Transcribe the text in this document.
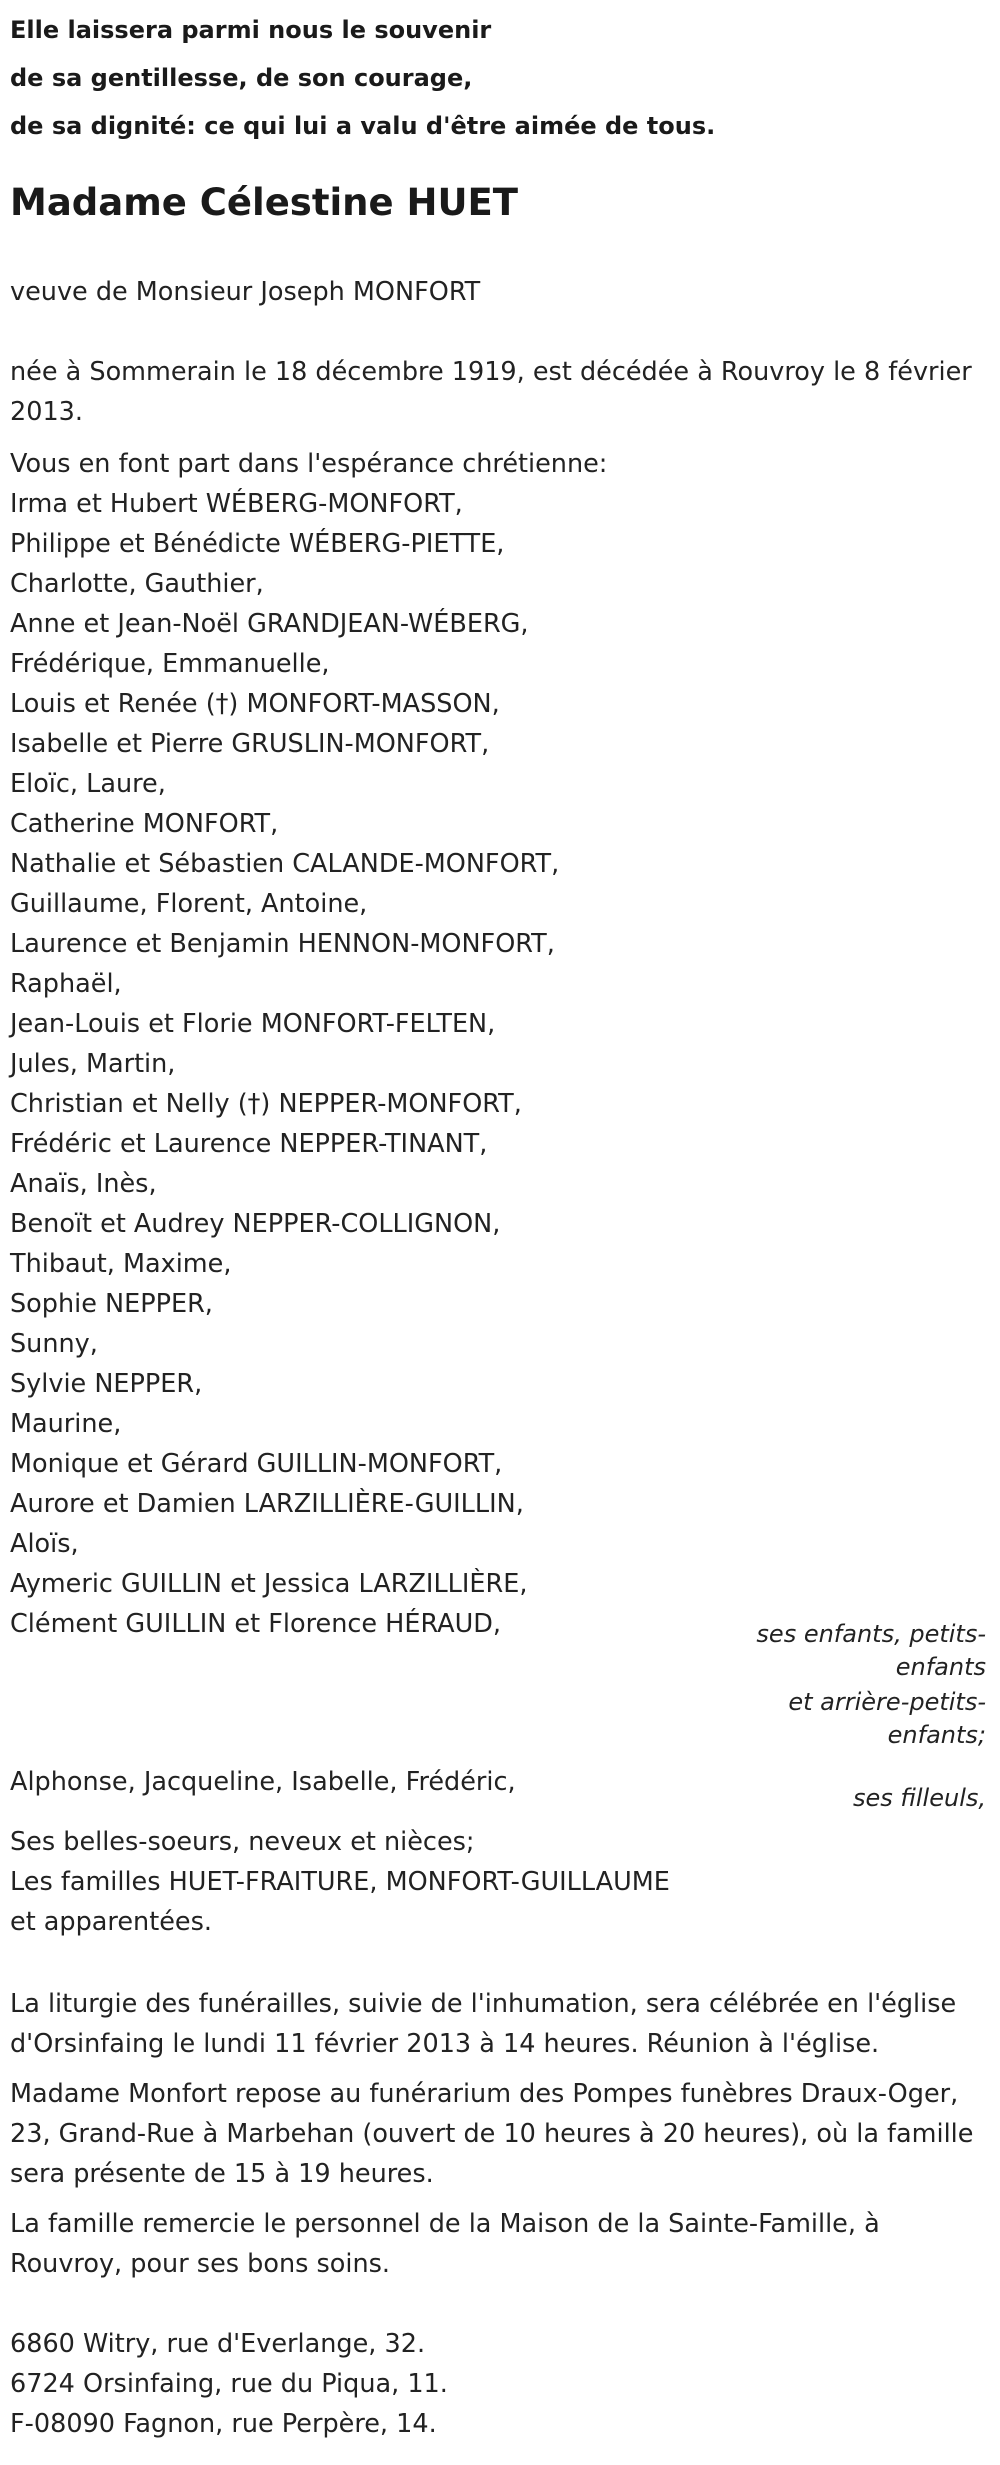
Elle laissera parmi nous le souvenir
de sa gentillesse, de son courage,
de sa dignité: ce qui lui a valu d'être aimée de tous.
Madame Célestine HUET
veuve de Monsieur Joseph MONFORT
née à Sommerain le 18 décembre 1919, est décédée à Rouvroy le 8 février 2013.
Vous en font part dans l'espérance chrétienne:
Irma et Hubert WÉBERG-MONFORT,
Philippe et Bénédicte WÉBERG-PIETTE,
Charlotte, Gauthier,
Anne et Jean-Noël GRANDJEAN-WÉBERG,
Frédérique, Emmanuelle,
Louis et Renée (†) MONFORT-MASSON,
Isabelle et Pierre GRUSLIN-MONFORT,
Eloïc, Laure,
Catherine MONFORT,
Nathalie et Sébastien CALANDE-MONFORT,
Guillaume, Florent, Antoine,
Laurence et Benjamin HENNON-MONFORT,
Raphaël,
Jean-Louis et Florie MONFORT-FELTEN,
Jules, Martin,
Christian et Nelly (†) NEPPER-MONFORT,
Frédéric et Laurence NEPPER-TINANT,
Anaïs, Inès,
Benoït et Audrey NEPPER-COLLIGNON,
Thibaut, Maxime,
Sophie NEPPER,
Sunny,
Sylvie NEPPER,
Maurine,
Monique et Gérard GUILLIN-MONFORT,
Aurore et Damien LARZILLIÈRE-GUILLIN,
Aloïs,
Aymeric GUILLIN et Jessica LARZILLIÈRE,
Clément GUILLIN et Florence HÉRAUD,	ses enfants, petits-enfants
et arrière-petits-enfants;
Alphonse, Jacqueline, Isabelle, Frédéric,
ses filleuls,
Ses belles-soeurs, neveux et nièces;
Les familles HUET-FRAITURE, MONFORT-GUILLAUME
et apparentées.
La liturgie des funérailles, suivie de l'inhumation, sera célébrée en l'église d'Orsinfaing le lundi 11 février 2013 à 14 heures. Réunion à l'église.
Madame Monfort repose au funérarium des Pompes funèbres Draux-Oger, 23, Grand-Rue à Marbehan (ouvert de 10 heures à 20 heures), où la famille sera présente de 15 à 19 heures.
La famille remercie le personnel de la Maison de la Sainte-Famille, à Rouvroy, pour ses bons soins.
6860 Witry, rue d'Everlange, 32.
6724 Orsinfaing, rue du Piqua, 11.
F-08090 Fagnon, rue Perpère, 14.
